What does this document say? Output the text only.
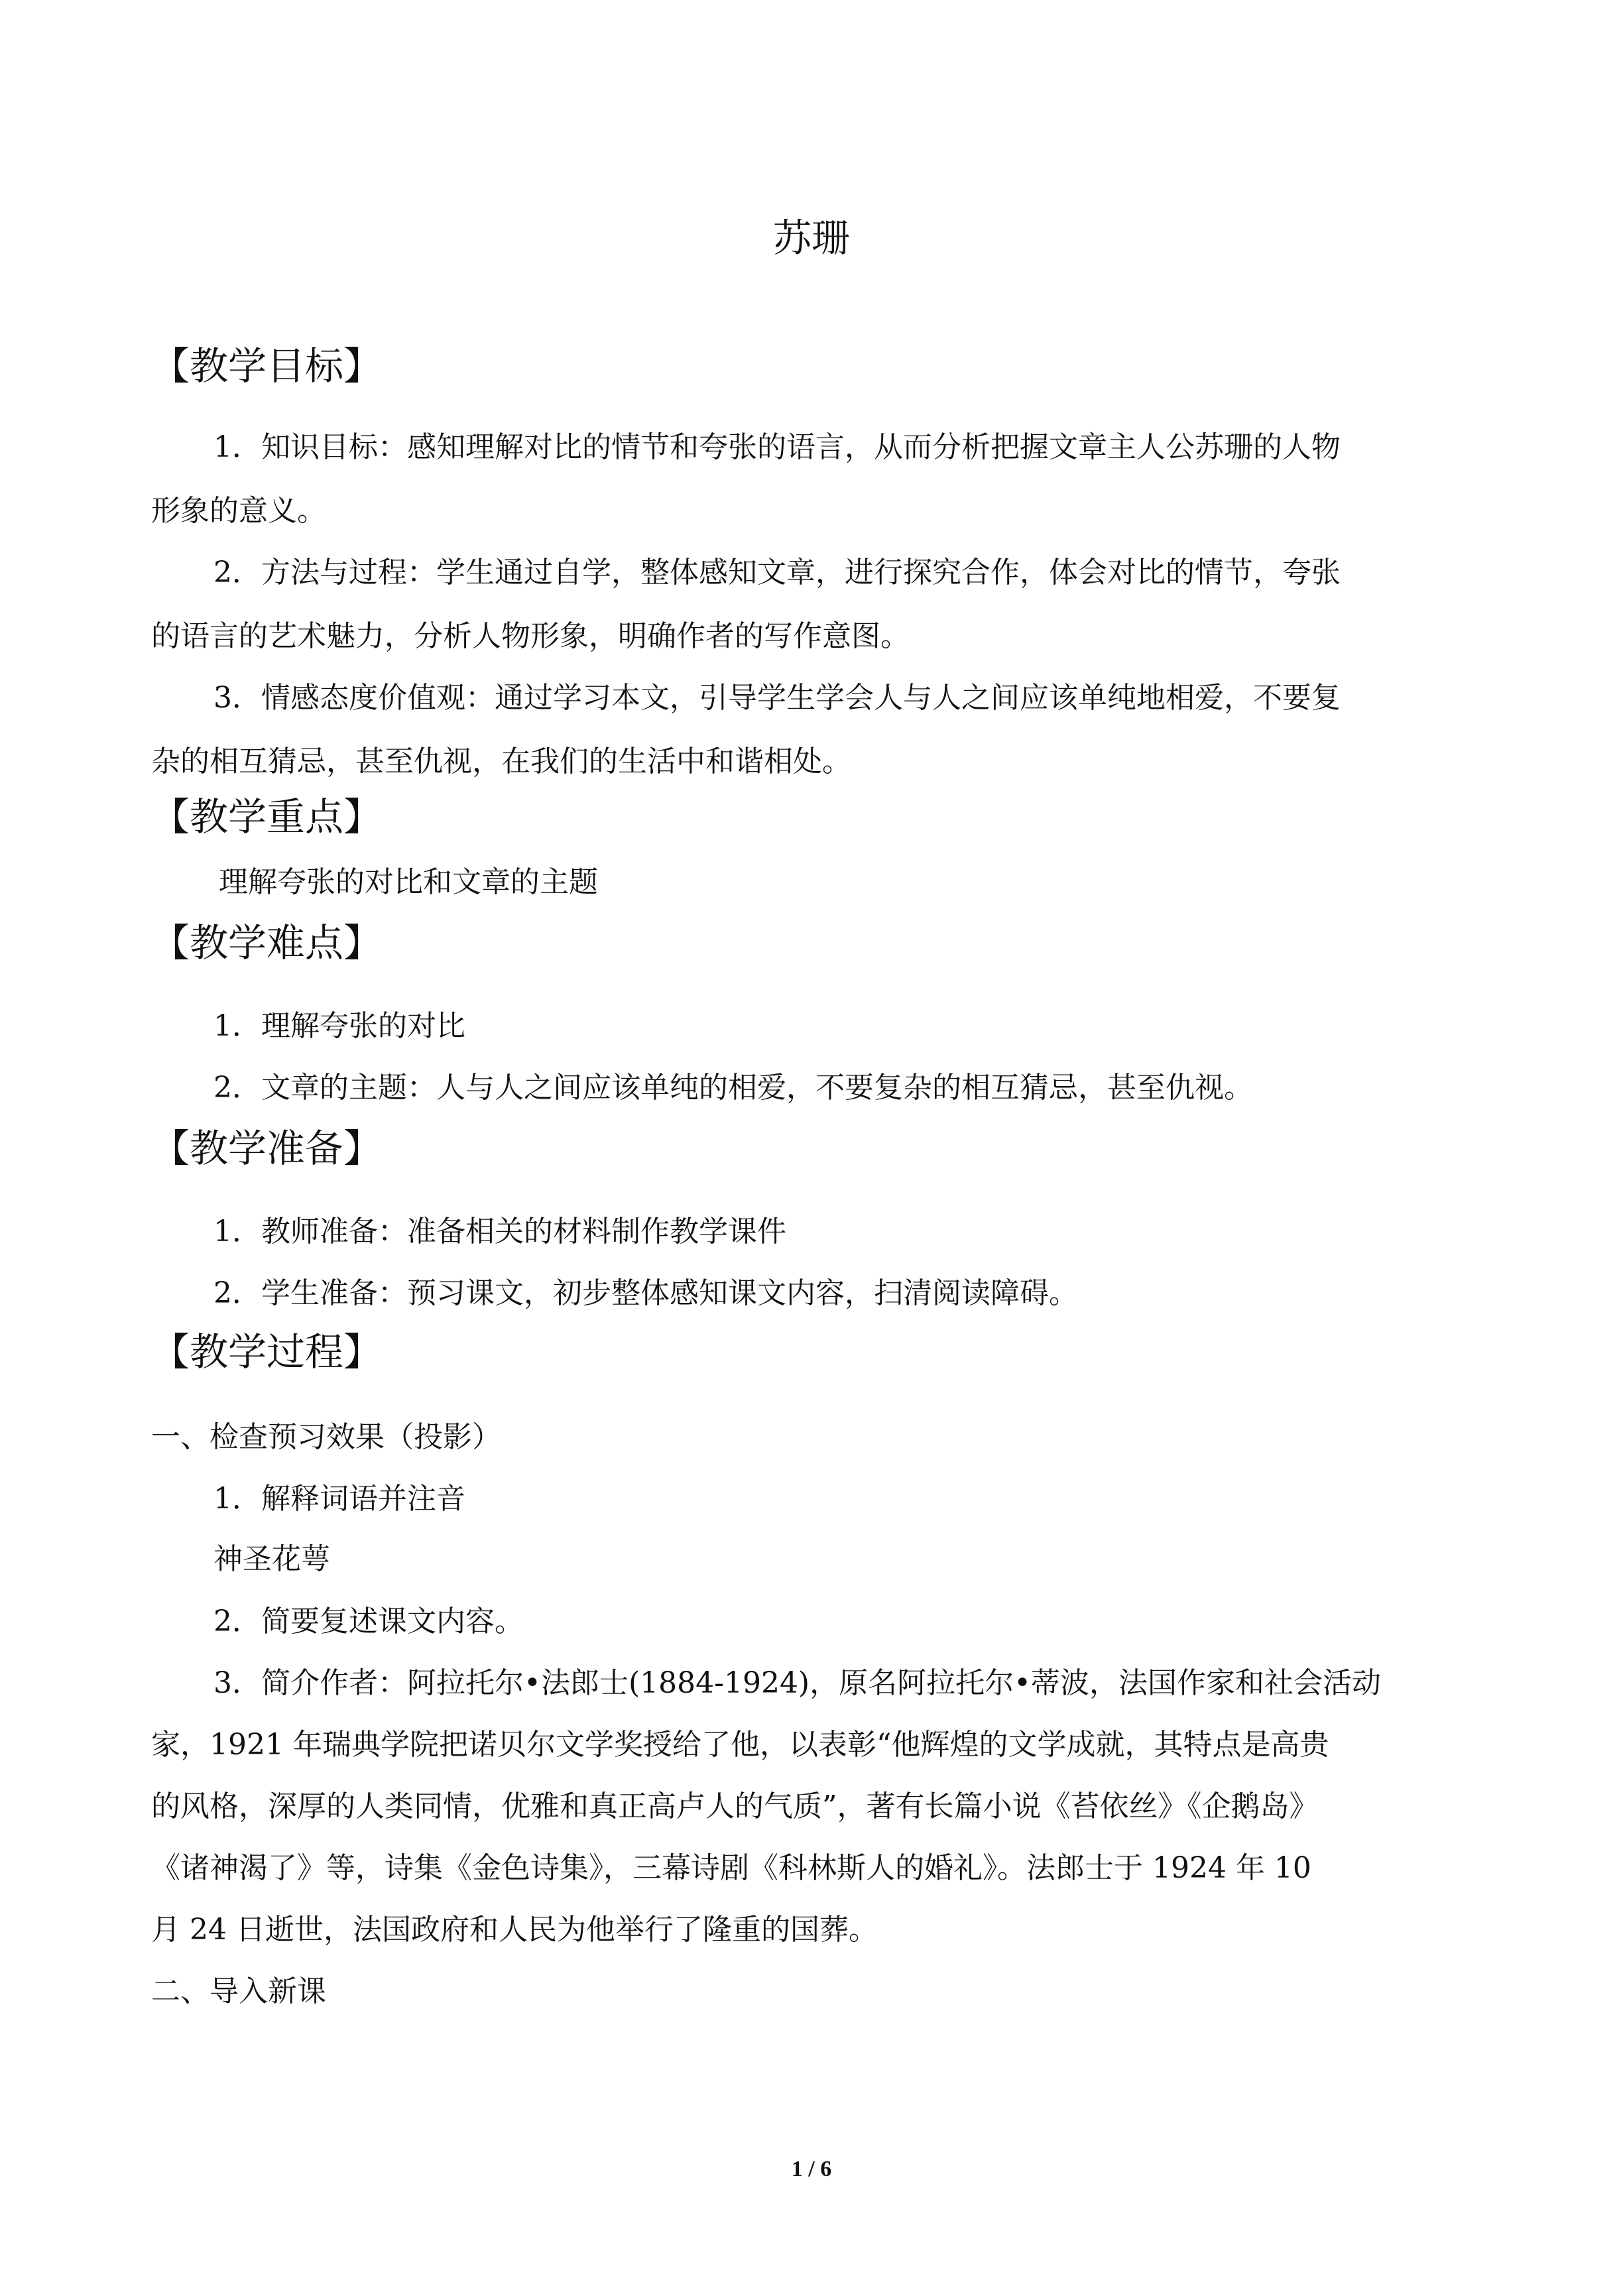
苏珊
【教学目标】
1．知识目标：感知理解对比的情节和夸张的语言，从而分析把握文章主人公苏珊的人物
形象的意义。
2．方法与过程：学生通过自学，整体感知文章，进行探究合作，体会对比的情节，夸张
的语言的艺术魅力，分析人物形象，明确作者的写作意图。
3．情感态度价值观：通过学习本文，引导学生学会人与人之间应该单纯地相爱，不要复
杂的相互猜忌，甚至仇视，在我们的生活中和谐相处。
【教学重点】
理解夸张的对比和文章的主题
【教学难点】
1．理解夸张的对比
2．文章的主题：人与人之间应该单纯的相爱，不要复杂的相互猜忌，甚至仇视。
【教学准备】
1．教师准备：准备相关的材料制作教学课件
2．学生准备：预习课文，初步整体感知课文内容，扫清阅读障碍。
【教学过程】
一、检查预习效果（投影）
1．解释词语并注音
神圣花萼
2．简要复述课文内容。
3．简介作者：阿拉托尔•法郎士(1884-1924)，原名阿拉托尔•蒂波，法国作家和社会活动
家，1921 年瑞典学院把诺贝尔文学奖授给了他，以表彰“他辉煌的文学成就，其特点是高贵
的风格，深厚的人类同情，优雅和真正高卢人的气质”，著有长篇小说《苔依丝》《企鹅岛》
《诸神渴了》等，诗集《金色诗集》，三幕诗剧《科林斯人的婚礼》。法郎士于 1924 年 10
月 24 日逝世，法国政府和人民为他举行了隆重的国葬。
二、导入新课
1 / 6
